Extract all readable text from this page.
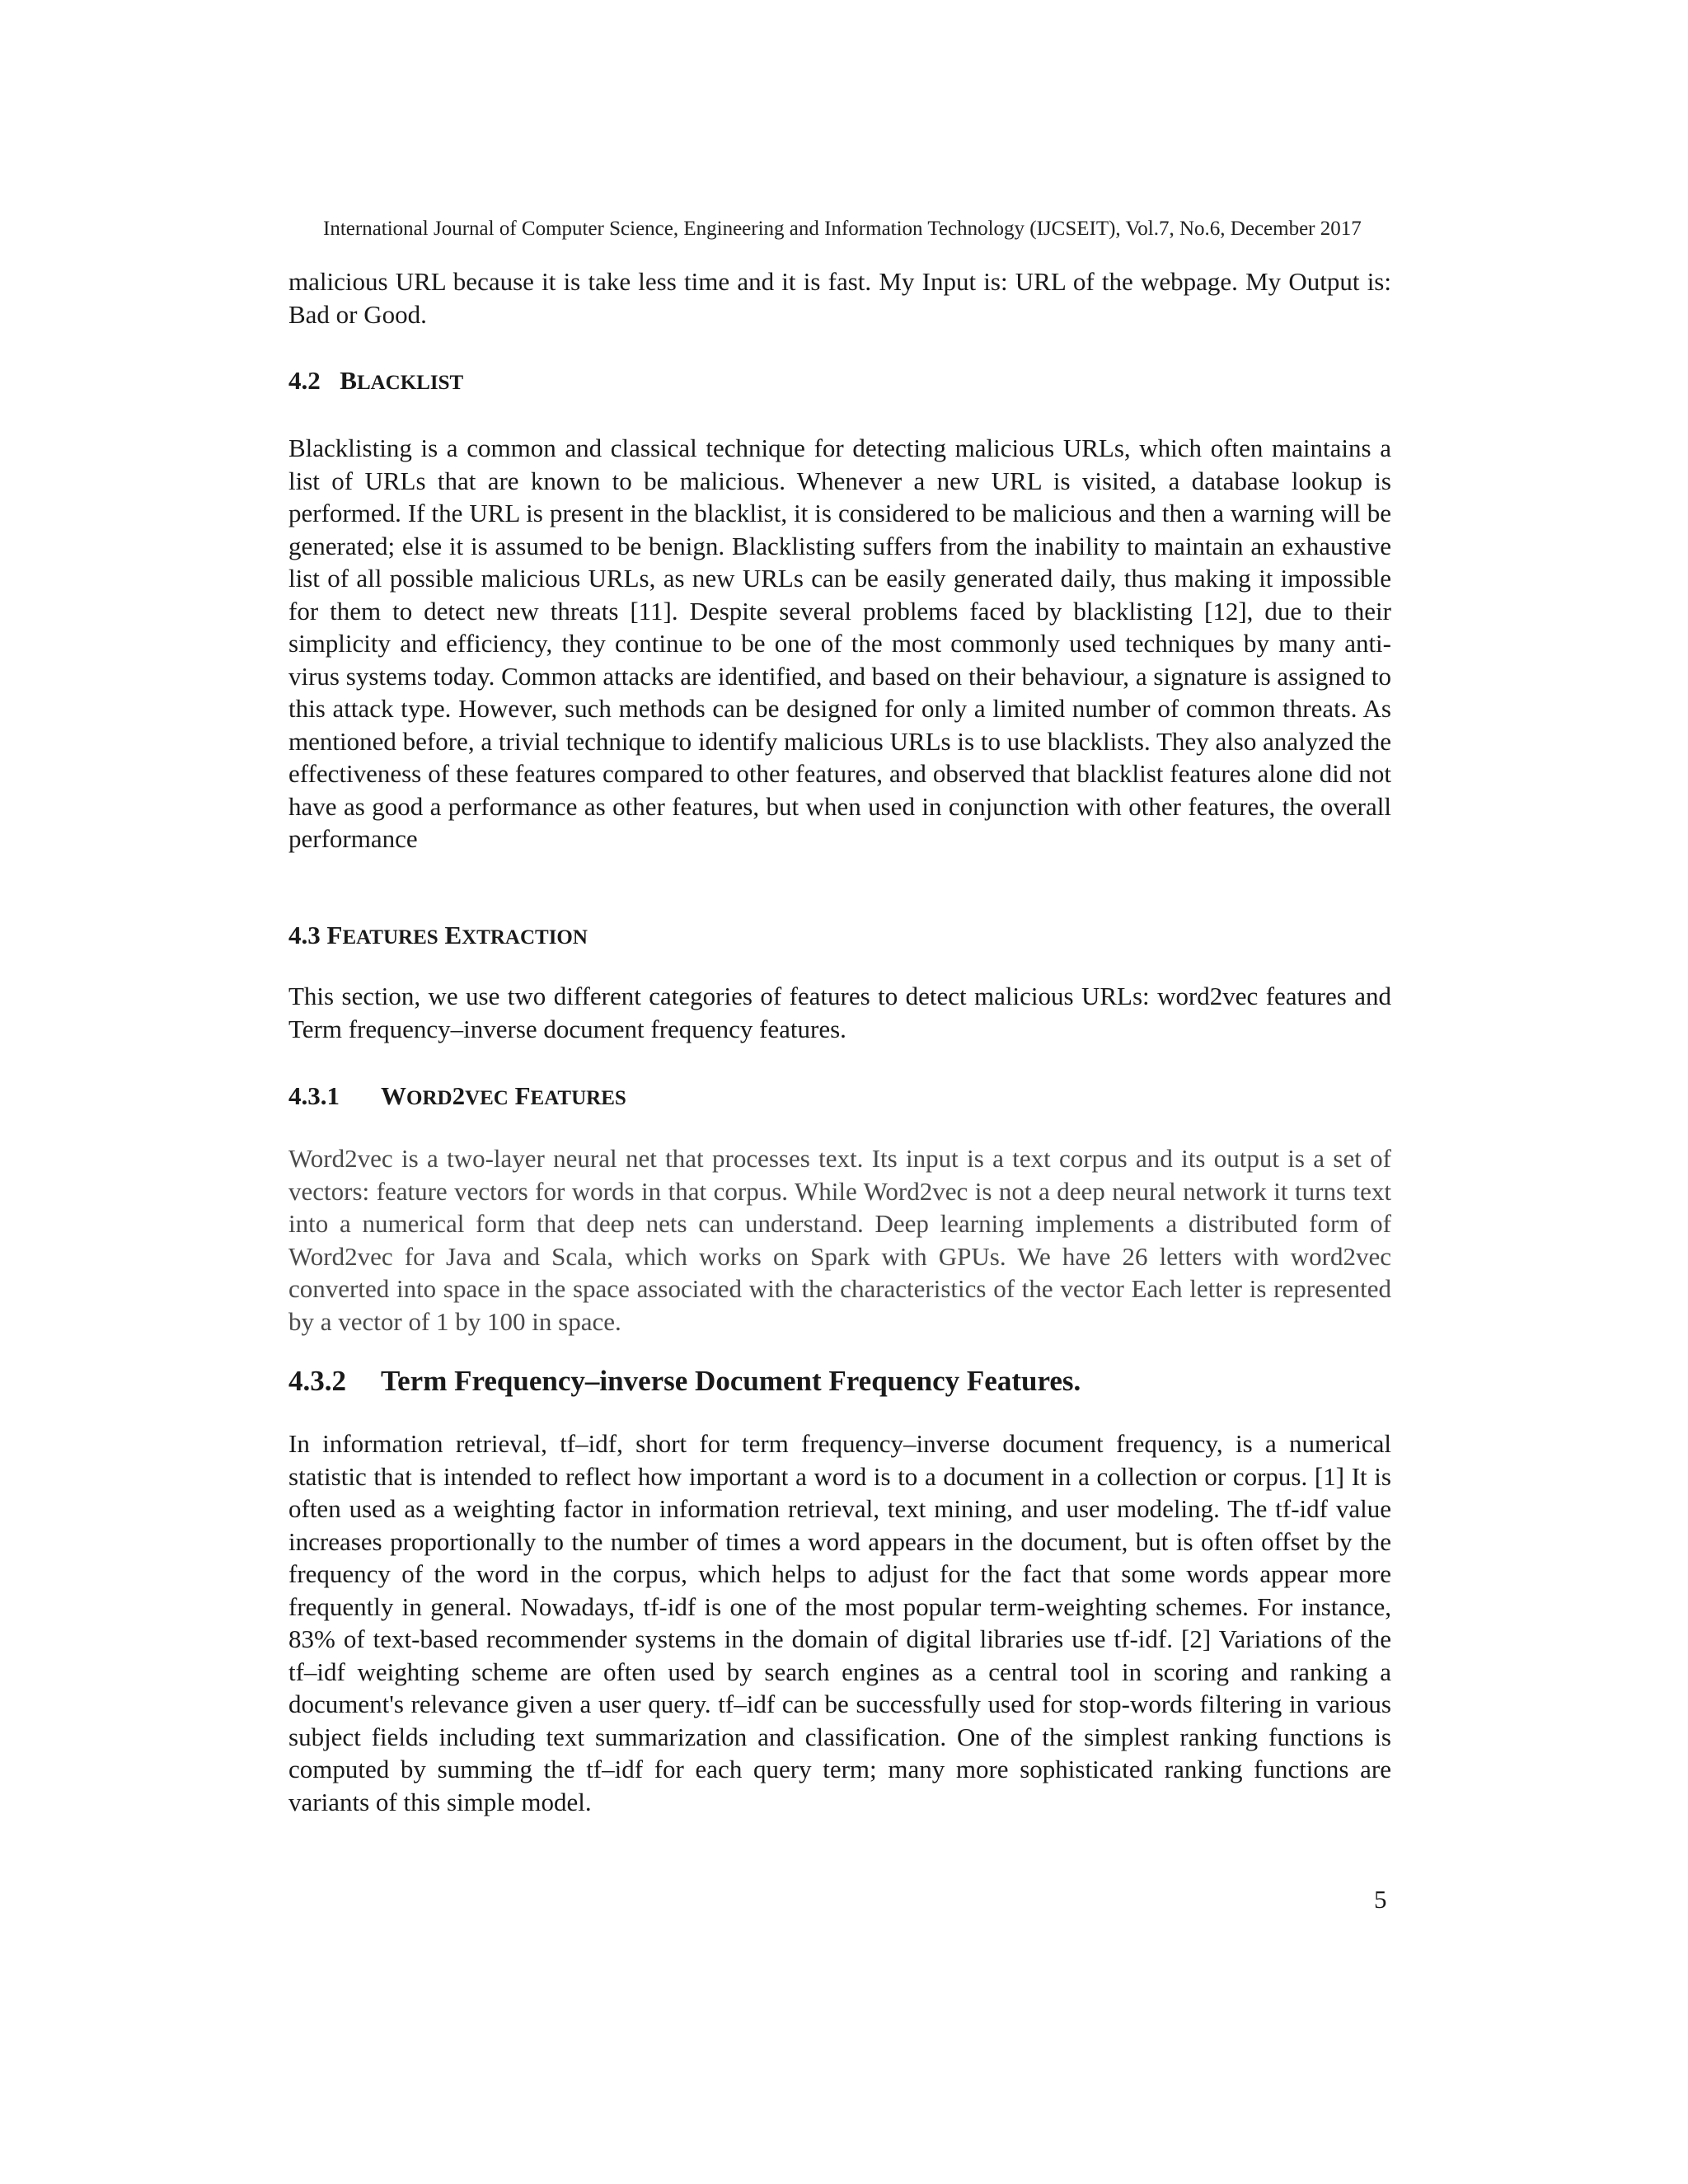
International Journal of Computer Science, Engineering and Information Technology (IJCSEIT), Vol.7, No.6, December 2017

malicious URL because it is take less time and it is fast. My Input is: URL of the webpage. My Output is: Bad or Good.

4.2 BLACKLIST

Blacklisting is a common and classical technique for detecting malicious URLs, which often maintains a list of URLs that are known to be malicious. Whenever a new URL is visited, a database lookup is performed. If the URL is present in the blacklist, it is considered to be malicious and then a warning will be generated; else it is assumed to be benign. Blacklisting suffers from the inability to maintain an exhaustive list of all possible malicious URLs, as new URLs can be easily generated daily, thus making it impossible for them to detect new threats [11]. Despite several problems faced by blacklisting [12], due to their simplicity and efficiency, they continue to be one of the most commonly used techniques by many anti-virus systems today. Common attacks are identified, and based on their behaviour, a signature is assigned to this attack type. However, such methods can be designed for only a limited number of common threats. As mentioned before, a trivial technique to identify malicious URLs is to use blacklists. They also analyzed the effectiveness of these features compared to other features, and observed that blacklist features alone did not have as good a performance as other features, but when used in conjunction with other features, the overall performance

4.3 FEATURES EXTRACTION

This section, we use two different categories of features to detect malicious URLs: word2vec features and Term frequency–inverse document frequency features.

4.3.1 WORD2VEC FEATURES

Word2vec is a two-layer neural net that processes text. Its input is a text corpus and its output is a set of vectors: feature vectors for words in that corpus. While Word2vec is not a deep neural network it turns text into a numerical form that deep nets can understand. Deep learning implements a distributed form of Word2vec for Java and Scala, which works on Spark with GPUs. We have 26 letters with word2vec converted into space in the space associated with the characteristics of the vector Each letter is represented by a vector of 1 by 100 in space.

4.3.2 Term Frequency–inverse Document Frequency Features.

In information retrieval, tf–idf, short for term frequency–inverse document frequency, is a numerical statistic that is intended to reflect how important a word is to a document in a collection or corpus. [1] It is often used as a weighting factor in information retrieval, text mining, and user modeling. The tf-idf value increases proportionally to the number of times a word appears in the document, but is often offset by the frequency of the word in the corpus, which helps to adjust for the fact that some words appear more frequently in general. Nowadays, tf-idf is one of the most popular term-weighting schemes. For instance, 83% of text-based recommender systems in the domain of digital libraries use tf-idf. [2] Variations of the tf–idf weighting scheme are often used by search engines as a central tool in scoring and ranking a document's relevance given a user query. tf–idf can be successfully used for stop-words filtering in various subject fields including text summarization and classification. One of the simplest ranking functions is computed by summing the tf–idf for each query term; many more sophisticated ranking functions are variants of this simple model.

5
